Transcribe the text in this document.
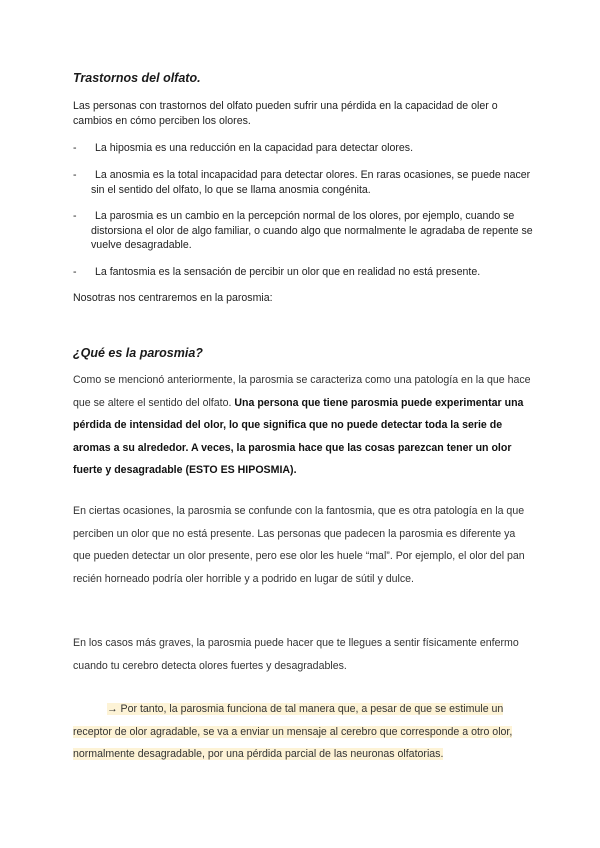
Trastornos del olfato.

Las personas con trastornos del olfato pueden sufrir una pérdida en la capacidad de oler o cambios en cómo perciben los olores.

-	La hiposmia es una reducción en la capacidad para detectar olores.
-	La anosmia es la total incapacidad para detectar olores. En raras ocasiones, se puede nacer sin el sentido del olfato, lo que se llama anosmia congénita.
-	La parosmia es un cambio en la percepción normal de los olores, por ejemplo, cuando se distorsiona el olor de algo familiar, o cuando algo que normalmente le agradaba de repente se vuelve desagradable.
-	La fantosmia es la sensación de percibir un olor que en realidad no está presente.

Nosotras nos centraremos en la parosmia:

¿Qué es la parosmia?

Como se mencionó anteriormente, la parosmia se caracteriza como una patología en la que hace que se altere el sentido del olfato. Una persona que tiene parosmia puede experimentar una pérdida de intensidad del olor, lo que significa que no puede detectar toda la serie de aromas a su alrededor. A veces, la parosmia hace que las cosas parezcan tener un olor fuerte y desagradable (ESTO ES HIPOSMIA).

En ciertas ocasiones, la parosmia se confunde con la fantosmia, que es otra patología en la que perciben un olor que no está presente. Las personas que padecen la parosmia es diferente ya que pueden detectar un olor presente, pero ese olor les huele “mal”. Por ejemplo, el olor del pan recién horneado podría oler horrible y a podrido en lugar de sútil y dulce.

En los casos más graves, la parosmia puede hacer que te llegues a sentir físicamente enfermo cuando tu cerebro detecta olores fuertes y desagradables.

→ Por tanto, la parosmia funciona de tal manera que, a pesar de que se estimule un receptor de olor agradable, se va a enviar un mensaje al cerebro que corresponde a otro olor, normalmente desagradable, por una pérdida parcial de las neuronas olfatorias.
